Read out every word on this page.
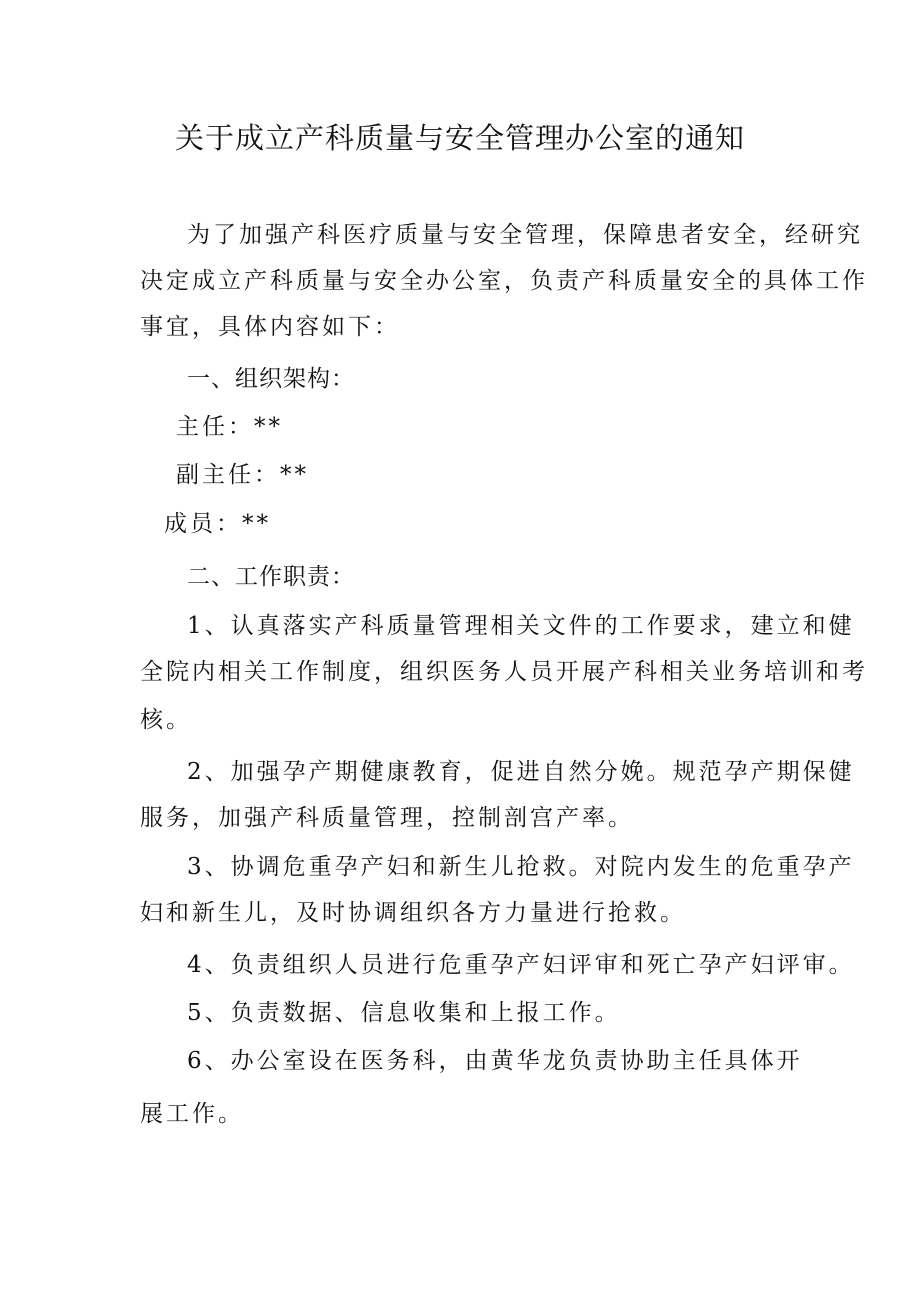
关于成立产科质量与安全管理办公室的通知
为了加强产科医疗质量与安全管理，保障患者安全，经研究
决定成立产科质量与安全办公室，负责产科质量安全的具体工作
事宜，具体内容如下：
一、组织架构：
主任：**
副主任：**
成员：**
二、工作职责：
1、认真落实产科质量管理相关文件的工作要求，建立和健
全院内相关工作制度，组织医务人员开展产科相关业务培训和考
核。
2、加强孕产期健康教育，促进自然分娩。规范孕产期保健
服务，加强产科质量管理，控制剖宫产率。
3、协调危重孕产妇和新生儿抢救。对院内发生的危重孕产
妇和新生儿，及时协调组织各方力量进行抢救。
4、负责组织人员进行危重孕产妇评审和死亡孕产妇评审。
5、负责数据、信息收集和上报工作。
6、办公室设在医务科，由黄华龙负责协助主任具体开
展工作。
